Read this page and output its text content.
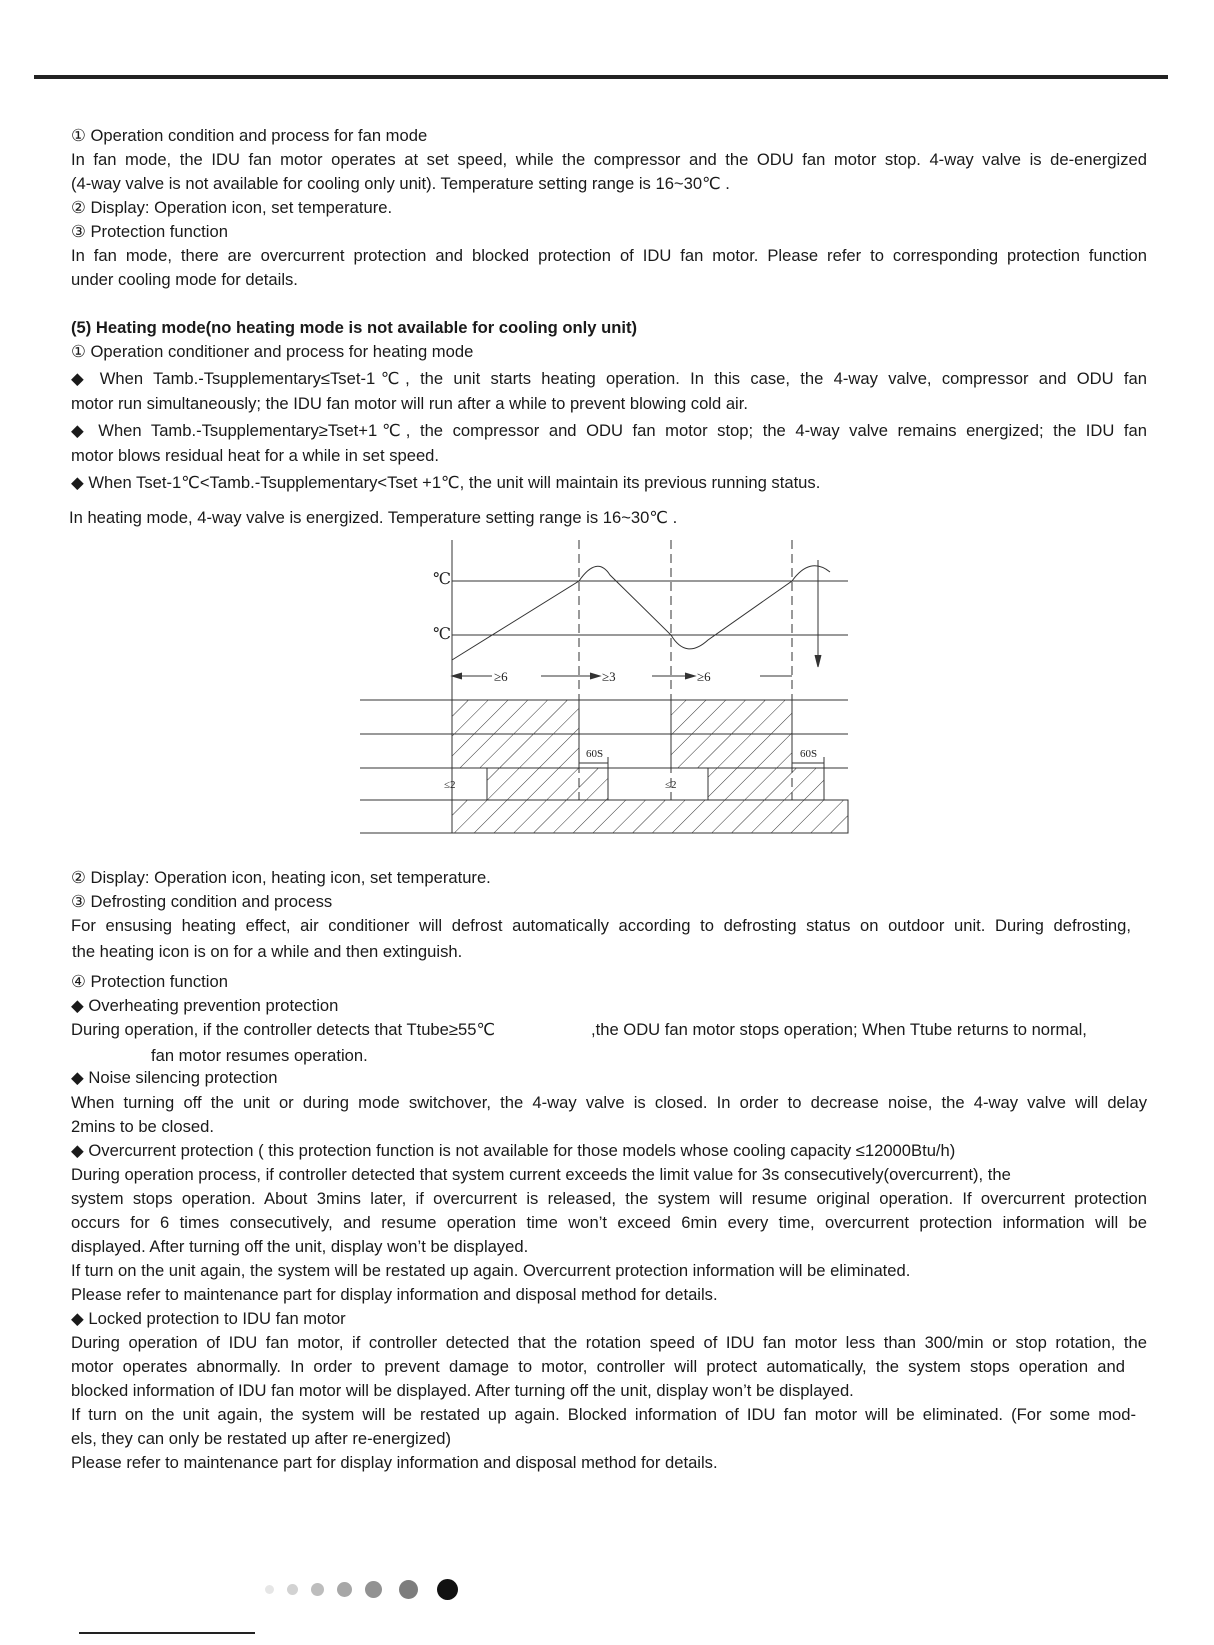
① Operation condition and process for fan mode
In fan mode, the IDU fan motor operates at set speed, while the compressor and the ODU fan motor stop. 4-way valve is de-energized
(4-way valve is not available for cooling only unit). Temperature setting range is 16~30℃ .
② Display: Operation icon, set temperature.
③ Protection function
In fan mode, there are overcurrent protection and blocked protection of IDU fan motor. Please refer to corresponding protection function
under cooling mode for details.
(5) Heating mode(no heating mode is not available for cooling only unit)
① Operation conditioner and process for heating mode
◆ When Tamb.-Tsupplementary≤Tset-1℃, the unit starts heating operation. In this case, the 4-way valve, compressor and ODU fan
motor run simultaneously; the IDU fan motor will run after a while to prevent blowing cold air.
◆ When Tamb.-Tsupplementary≥Tset+1℃, the compressor and ODU fan motor stop; the 4-way valve remains energized; the IDU fan
motor blows residual heat for a while in set speed.
◆ When Tset-1℃<Tamb.-Tsupplementary<Tset +1℃, the unit will maintain its previous running status.
In heating mode, 4-way valve is energized. Temperature setting range is 16~30℃ .
℃
℃
≥6	≥3	≥6
60S	60S
≤2	≤2
② Display: Operation icon, heating icon, set temperature.
③ Defrosting condition and process
For ensusing heating effect, air conditioner will defrost automatically according to defrosting status on outdoor unit. During defrosting,
the heating icon is on for a while and then extinguish.
④ Protection function
◆ Overheating prevention protection
During operation, if the controller detects that Ttube≥55℃	,the ODU fan motor stops operation; When Ttube returns to normal,
fan motor resumes operation.
◆ Noise silencing protection
When turning off the unit or during mode switchover, the 4-way valve is closed. In order to decrease noise, the 4-way valve will delay
2mins to be closed.
◆ Overcurrent protection ( this protection function is not available for those models whose cooling capacity ≤12000Btu/h)
During operation process, if controller detected that system current exceeds the limit value for 3s consecutively(overcurrent), the
system stops operation. About 3mins later, if overcurrent is released, the system will resume original operation. If overcurrent protection
occurs for 6 times consecutively, and resume operation time won’t exceed 6min every time, overcurrent protection information will be
displayed. After turning off the unit, display won’t be displayed.
If turn on the unit again, the system will be restated up again. Overcurrent protection information will be eliminated.
Please refer to maintenance part for display information and disposal method for details.
◆ Locked protection to IDU fan motor
During operation of IDU fan motor, if controller detected that the rotation speed of IDU fan motor less than 300/min or stop rotation, the
motor operates abnormally. In order to prevent damage to motor, controller will protect automatically, the system stops operation and
blocked information of IDU fan motor will be displayed. After turning off the unit, display won’t be displayed.
If turn on the unit again, the system will be restated up again. Blocked information of IDU fan motor will be eliminated. (For some mod-
els, they can only be restated up after re-energized)
Please refer to maintenance part for display information and disposal method for details.
